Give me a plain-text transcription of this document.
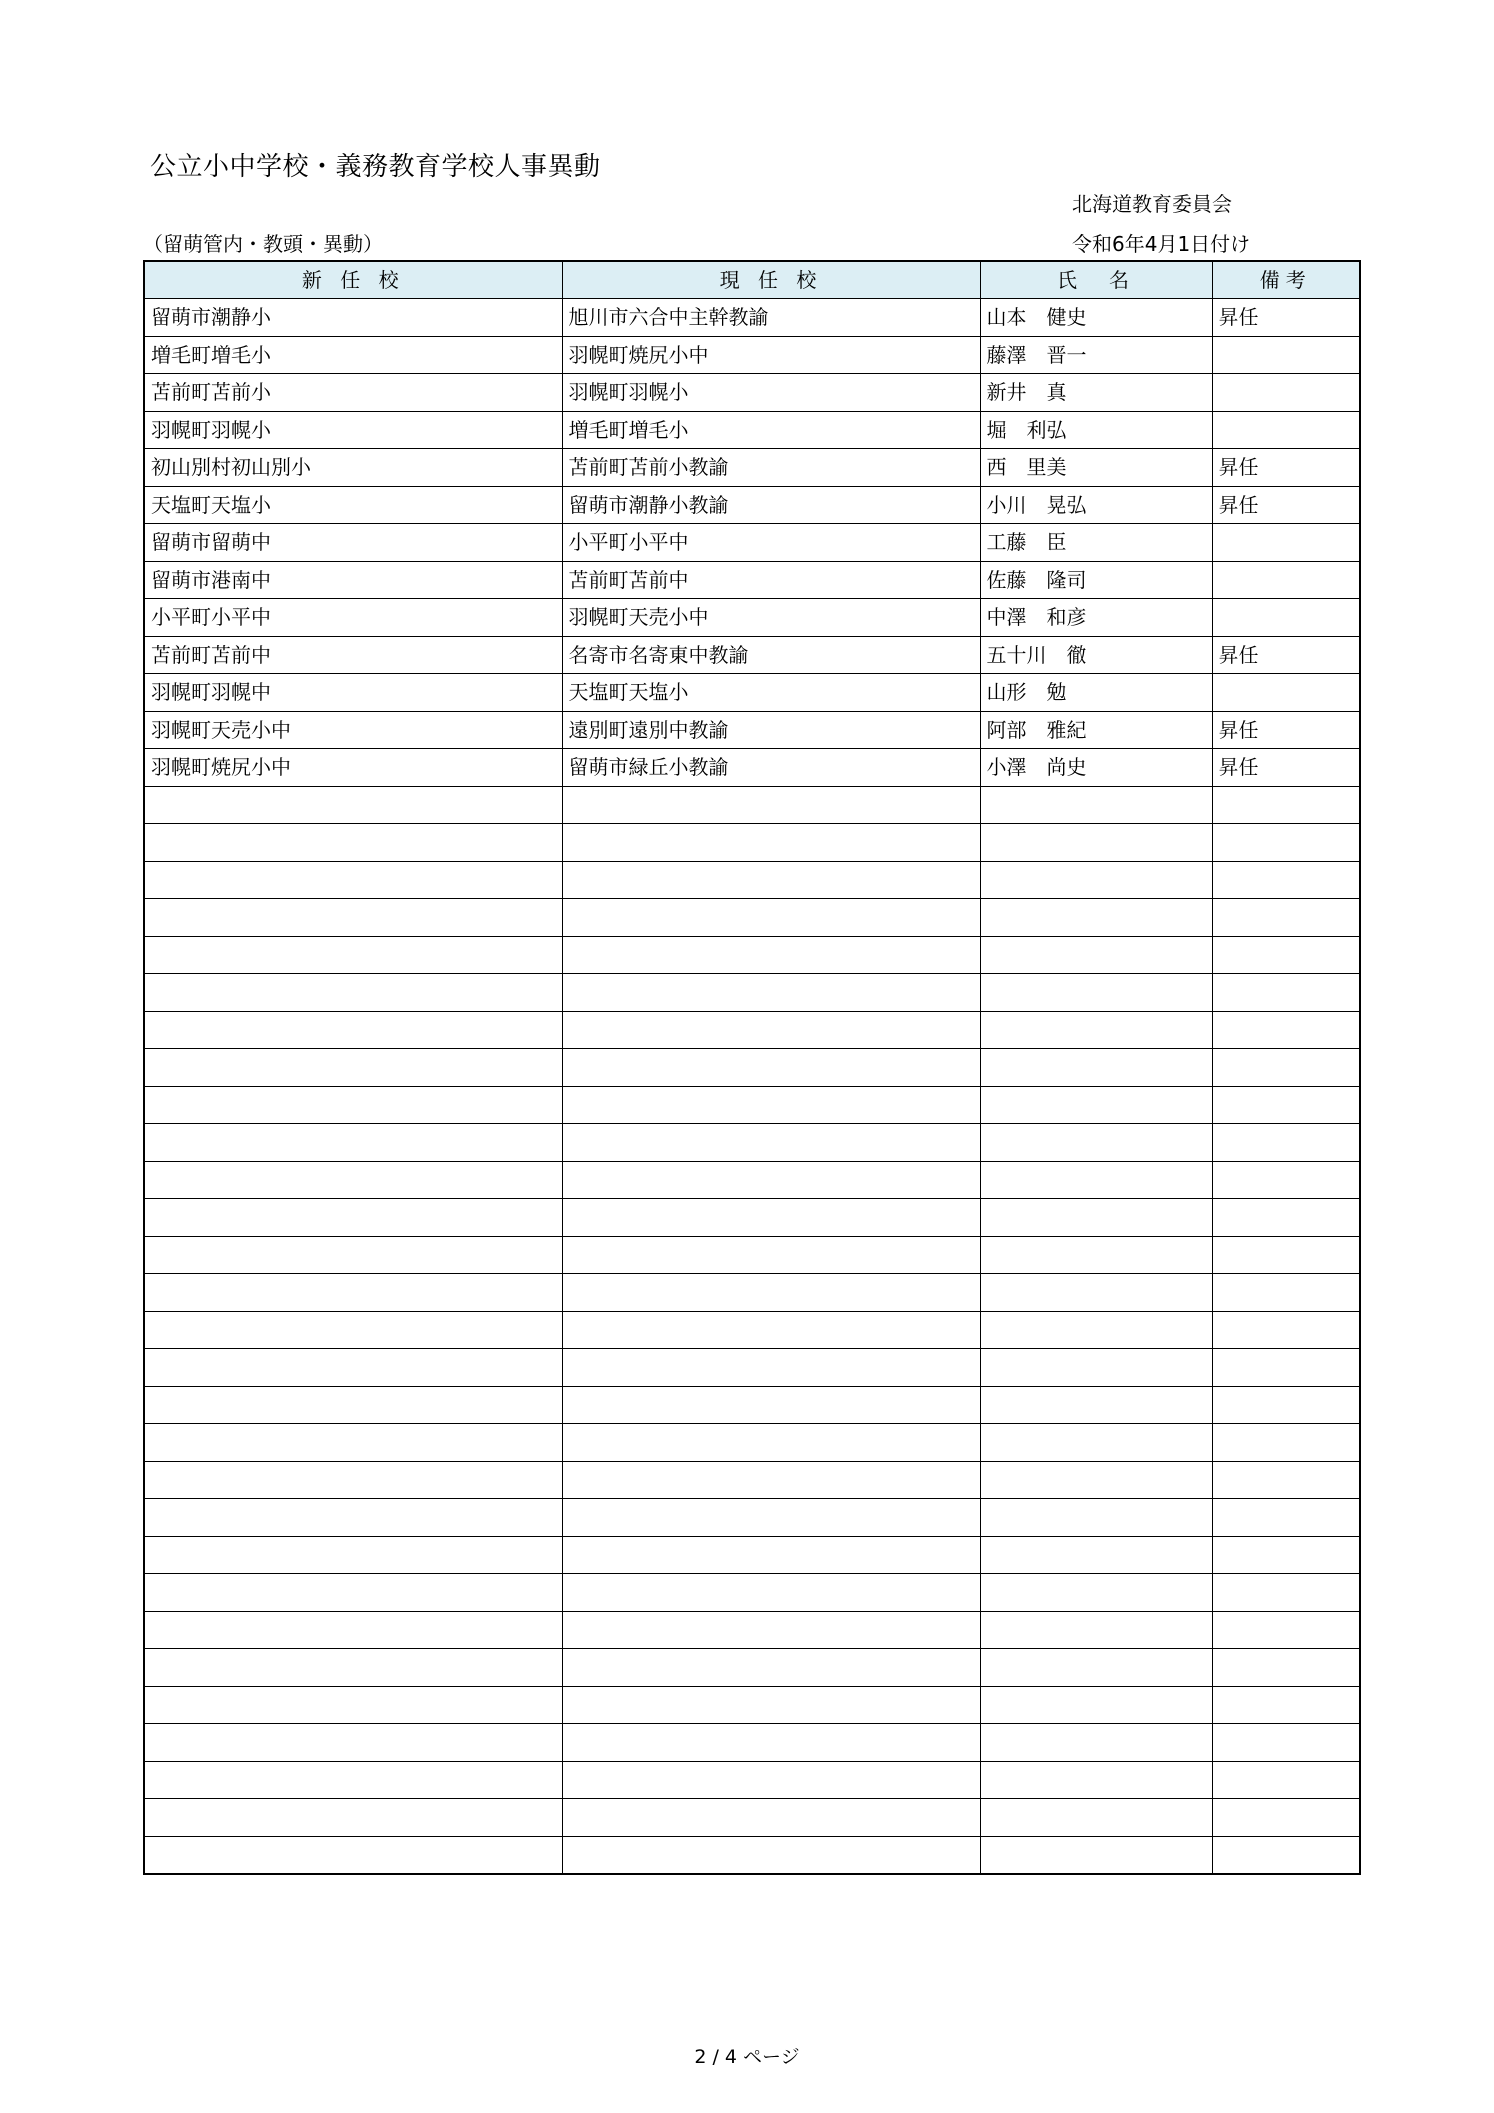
公立小中学校・義務教育学校人事異動
北海道教育委員会
（留萌管内・教頭・異動）	令和6年4月1日付け
新 任 校	現 任 校	氏　名	備考
留萌市潮静小	旭川市六合中主幹教諭	山本　健史	昇任
増毛町増毛小	羽幌町焼尻小中	藤澤　晋一	
苫前町苫前小	羽幌町羽幌小	新井　真	
羽幌町羽幌小	増毛町増毛小	堀　利弘	
初山別村初山別小	苫前町苫前小教諭	西　里美	昇任
天塩町天塩小	留萌市潮静小教諭	小川　晃弘	昇任
留萌市留萌中	小平町小平中	工藤　臣	
留萌市港南中	苫前町苫前中	佐藤　隆司	
小平町小平中	羽幌町天売小中	中澤　和彦	
苫前町苫前中	名寄市名寄東中教諭	五十川　徹	昇任
羽幌町羽幌中	天塩町天塩小	山形　勉	
羽幌町天売小中	遠別町遠別中教諭	阿部　雅紀	昇任
羽幌町焼尻小中	留萌市緑丘小教諭	小澤　尚史	昇任

2 / 4 ページ
